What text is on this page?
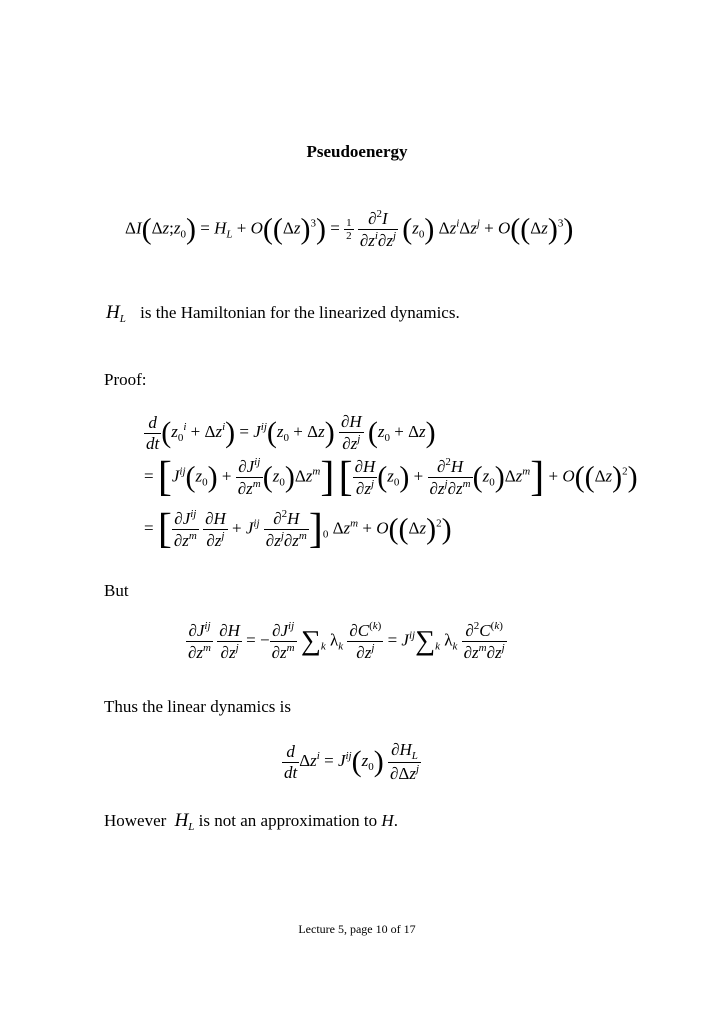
Pseudoenergy
$\Delta I(\Delta z;z_0) = H_L + O((\Delta z)^3) = \frac{1}{2}$
$\frac{\partial^2I}{\partial z^i\partial z^j} (z_0) \Delta z^i\Delta z^j + O((\Delta z)^3)$
$H_L$ is the Hamiltonian for the linearized dynamics.
Proof:
$\frac{d}{dt} (z_0^i + \Delta z^i) = J^{ij}(z_0 + \Delta z) \frac{\partial H}{\partial z^j} (z_0 + \Delta z)$
= $[J^{ij}(z_0) + \frac{\partial J^{ij}}{\partial z^m} (z_0)\Delta z^m]$ [ $\frac{\partial H}{\partial z^j} (z_0) + \frac{\partial^2H}{\partial z^j\partial z^m} (z_0)\Delta z^m] + O((\Delta z)^2)$
= [ $\frac{\partial J^{ij}}{\partial z^m}$
$\frac{\partial H}{\partial z^j} + J^{ij} \frac{\partial^2H}{\partial z^j\partial z^m} ]_0$ $\Delta z^m + O((\Delta z)^2)$
But
$\frac{\partial J^{ij}}{\partial z^m}$
$\frac{\partial H}{\partial z^j}$ = − $\frac{\partial J^{ij}}{\partial z^m} \sum_k$ $\lambda_k \frac{\partial C^{(k)}}{\partial z^j} = J^{ij}\sum_k$ $\lambda_k \frac{\partial^2C^{(k)}}{\partial z^m\partial z^j}$
Thus the linear dynamics is
$\frac{d}{dt} \Delta z^i = J^{ij}(z_0) \frac{\partial H_L}{\partial\Delta z^j}$
However $H_L$ is not an approximation to H.
Lecture 5, page 10 of 17
